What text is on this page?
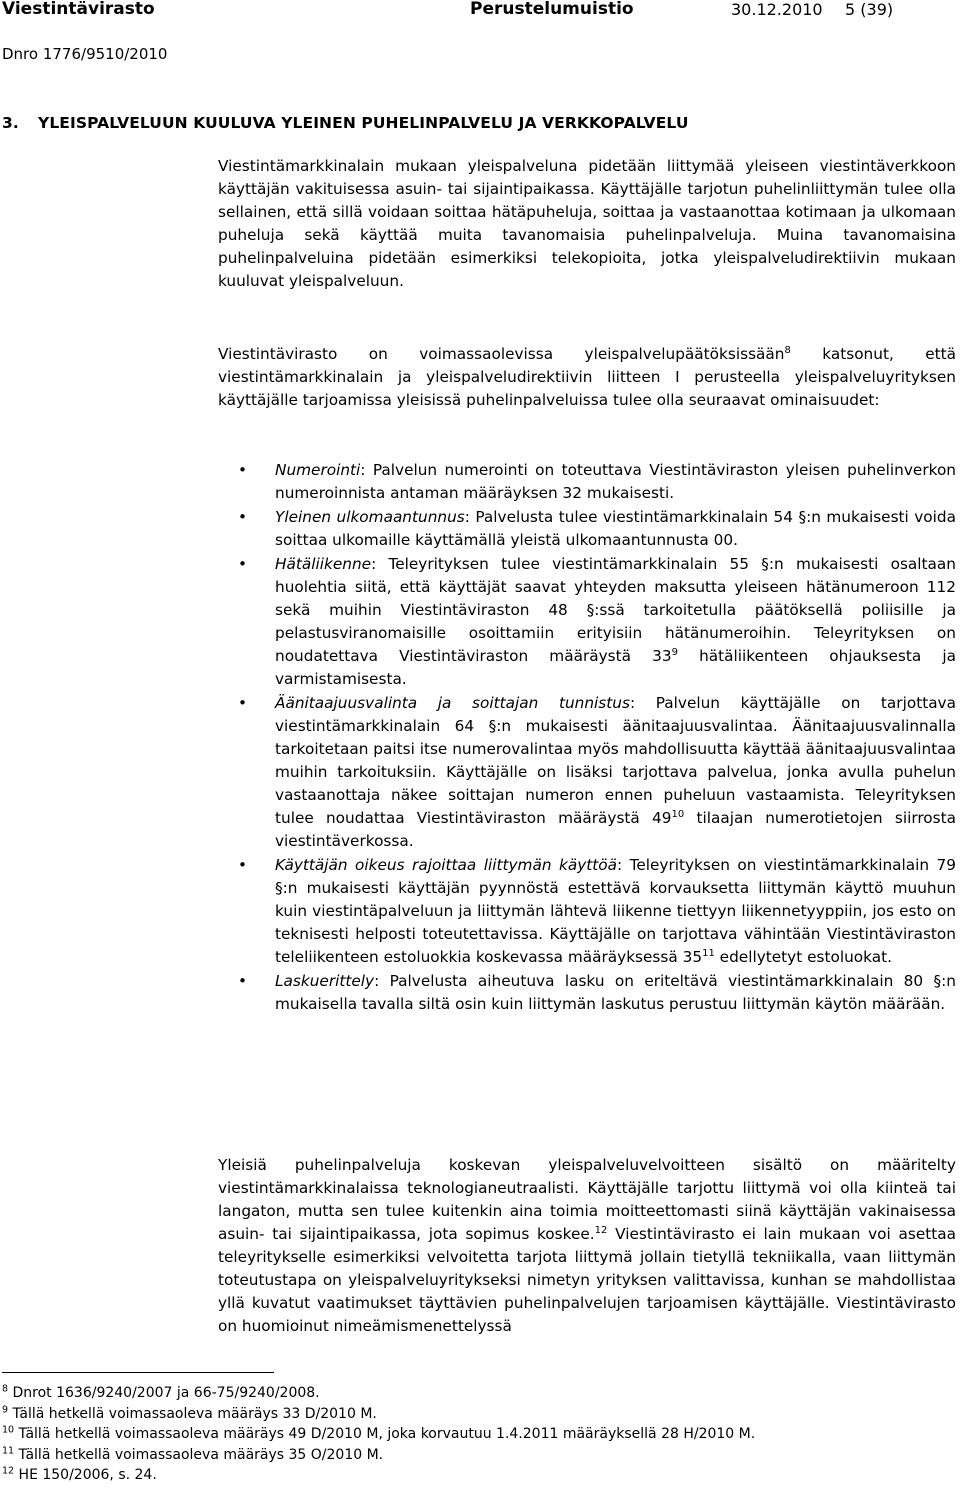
Viestintävirasto	Perustelumuistio	30.12.2010 5 (39)
Dnro 1776/9510/2010
3. YLEISPALVELUUN KUULUVA YLEINEN PUHELINPALVELU JA VERKKOPALVELU

Viestintämarkkinalain mukaan yleispalveluna pidetään liittymää yleiseen viestintäverkkoon käyttäjän vakituisessa asuin- tai sijaintipaikassa. Käyttäjälle tarjotun puhelinliittymän tulee olla sellainen, että sillä voidaan soittaa hätäpuheluja, soittaa ja vastaanottaa kotimaan ja ulkomaan puheluja sekä käyttää muita tavanomaisia puhelinpalveluja. Muina tavanomaisina puhelinpalveluina pidetään esimerkiksi telekopioita, jotka yleispalveludirektiivin mukaan kuuluvat yleispalveluun.

Viestintävirasto on voimassaolevissa yleispalvelupäätöksissään$^8$ katsonut, että viestintämarkkinalain ja yleispalveludirektiivin liitteen I perusteella yleispalveluyrityksen käyttäjälle tarjoamissa yleisissä puhelinpalveluissa tulee olla seuraavat ominaisuudet:

• Numerointi: Palvelun numerointi on toteuttava Viestintäviraston yleisen puhelinverkon numeroinnista antaman määräyksen 32 mukaisesti.
• Yleinen ulkomaantunnus: Palvelusta tulee viestintämarkkinalain 54 §:n mukaisesti voida soittaa ulkomaille käyttämällä yleistä ulkomaantunnusta 00.
• Hätäliikenne: Teleyrityksen tulee viestintämarkkinalain 55 §:n mukaisesti osaltaan huolehtia siitä, että käyttäjät saavat yhteyden maksutta yleiseen hätänumeroon 112 sekä muihin Viestintäviraston 48 §:ssä tarkoitetulla päätöksellä poliisille ja pelastusviranomaisille osoittamiin erityisiin hätänumeroihin. Teleyrityksen on noudatettava Viestintäviraston määräystä $33^9$ hätäliikenteen ohjauksesta ja varmistamisesta.
• Äänitaajuusvalinta ja soittajan tunnistus: Palvelun käyttäjälle on tarjottava viestintämarkkinalain 64 §:n mukaisesti äänitaajuusvalintaa. Äänitaajuusvalinnalla tarkoitetaan paitsi itse numerovalintaa myös mahdollisuutta käyttää äänitaajuusvalintaa muihin tarkoituksiin. Käyttäjälle on lisäksi tarjottava palvelua, jonka avulla puhelun vastaanottaja näkee soittajan numeron ennen puheluun vastaamista. Teleyrityksen tulee noudattaa Viestintäviraston määräystä $49^{10}$ tilaajan numerotietojen siirrosta viestintäverkossa.
• Käyttäjän oikeus rajoittaa liittymän käyttöä: Teleyrityksen on viestintämarkkinalain 79 §:n mukaisesti käyttäjän pyynnöstä estettävä korvauksetta liittymän käyttö muuhun kuin viestintäpalveluun ja liittymän lähtevä liikenne tiettyyn liikennetyyppiin, jos esto on teknisesti helposti toteutettavissa. Käyttäjälle on tarjottava vähintään Viestintäviraston teleliikenteen estoluokkia koskevassa määräyksessä $35^{11}$ edellytetyt estoluokat.
• Laskuerittely: Palvelusta aiheutuva lasku on eriteltävä viestintämarkkinalain 80 §:n mukaisella tavalla siltä osin kuin liittymän laskutus perustuu liittymän käytön määrään.

Yleisiä puhelinpalveluja koskevan yleispalveluvelvoitteen sisältö on määritelty viestintämarkkinalaissa teknologianeutraalisti. Käyttäjälle tarjottu liittymä voi olla kiinteä tai langaton, mutta sen tulee kuitenkin aina toimia moitteettomasti siinä käyttäjän vakinaisessa asuin- tai sijaintipaikassa, jota sopimus koskee.$^{12}$ Viestintävirasto ei lain mukaan voi asettaa teleyritykselle esimerkiksi velvoitetta tarjota liittymä jollain tietyllä tekniikalla, vaan liittymän toteutustapa on yleispalveluyritykseksi nimetyn yrityksen valittavissa, kunhan se mahdollistaa yllä kuvatut vaatimukset täyttävien puhelinpalvelujen tarjoamisen käyttäjälle. Viestintävirasto on huomioinut nimeämismenettelyssä

$^8$ Dnrot 1636/9240/2007 ja 66-75/9240/2008.
$^9$ Tällä hetkellä voimassaoleva määräys 33 D/2010 M.
$^{10}$ Tällä hetkellä voimassaoleva määräys 49 D/2010 M, joka korvautuu 1.4.2011 määräyksellä 28 H/2010 M.
$^{11}$ Tällä hetkellä voimassaoleva määräys 35 O/2010 M.
$^{12}$ HE 150/2006, s. 24.
